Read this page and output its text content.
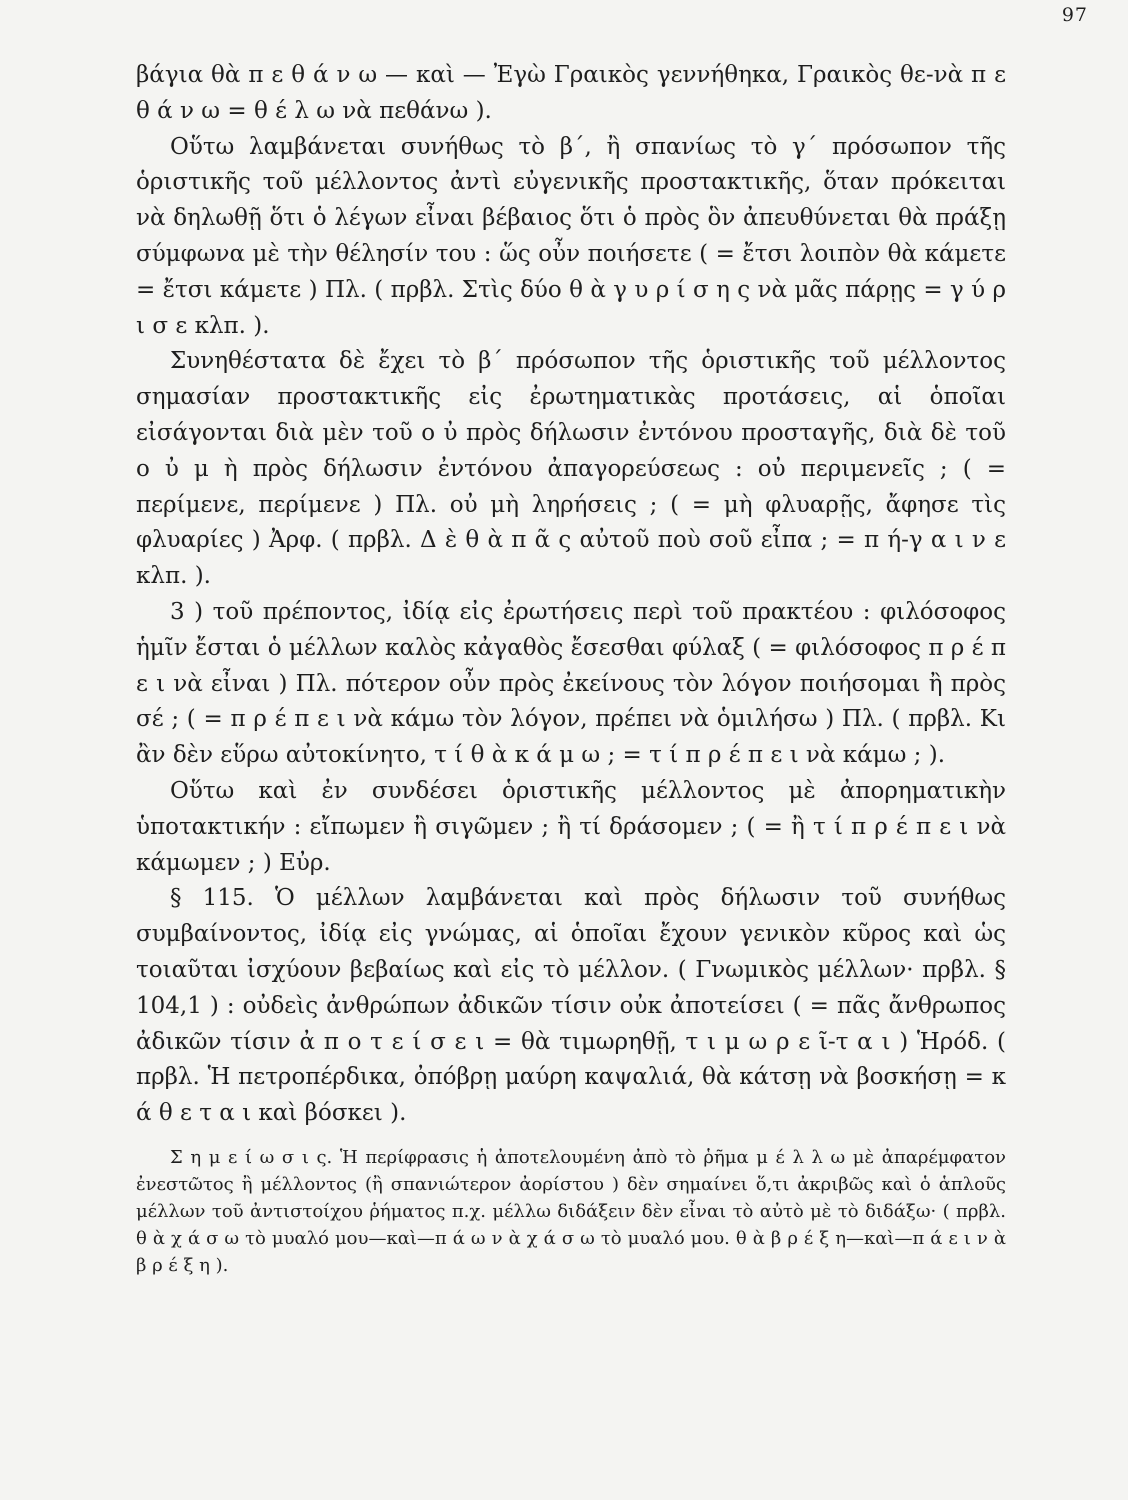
97

βάγια θὰ π ε θ ά ν ω — καὶ — Ἐγὼ Γραικὸς γεννήθηκα, Γραικὸς θε-νὰ π ε θ ά ν ω = θ έ λ ω νὰ πεθάνω ).

Οὕτω λαμβάνεται συνήθως τὸ β΄, ἢ σπανίως τὸ γ΄ πρόσωπον τῆς ὁριστικῆς τοῦ μέλλοντος ἀντὶ εὐγενικῆς προστακτικῆς, ὅταν πρόκειται νὰ δηλωθῇ ὅτι ὁ λέγων εἶναι βέβαιος ὅτι ὁ πρὸς ὃν ἀπευθύνεται θὰ πράξῃ σύμφωνα μὲ τὴν θέλησίν του : ὥς οὖν ποιήσετε ( = ἔτσι λοιπὸν θὰ κάμετε = ἔτσι κάμετε ) Πλ. ( πρβλ. Στὶς δύο θ ὰ γ υ ρ ί σ η ς νὰ μᾶς πάρῃς = γ ύ ρ ι σ ε κλπ. ).

Συνηθέστατα δὲ ἔχει τὸ β΄ πρόσωπον τῆς ὁριστικῆς τοῦ μέλλοντος σημασίαν προστακτικῆς εἰς ἐρωτηματικὰς προτάσεις, αἱ ὁποῖαι εἰσάγονται διὰ μὲν τοῦ ο ὐ πρὸς δήλωσιν ἐντόνου προσταγῆς, διὰ δὲ τοῦ ο ὐ μ ὴ πρὸς δήλωσιν ἐντόνου ἀπαγορεύσεως : οὐ περιμενεῖς ; ( = περίμενε, περίμενε ) Πλ. οὐ μὴ ληρήσεις ; ( = μὴ φλυαρῇς, ἄφησε τὶς φλυαρίες ) Ἀρφ. ( πρβλ. Δ ὲ θ ὰ π ᾶ ς αὐτοῦ ποὺ σοῦ εἶπα ; = π ή-γ α ι ν ε κλπ. ).

3 ) τοῦ πρέποντος, ἰδίᾳ εἰς ἐρωτήσεις περὶ τοῦ πρακτέου : φιλόσοφος ἡμῖν ἔσται ὁ μέλλων καλὸς κἀγαθὸς ἔσεσθαι φύλαξ ( = φιλόσοφος π ρ έ π ε ι νὰ εἶναι ) Πλ. πότερον οὖν πρὸς ἐκείνους τὸν λόγον ποιήσομαι ἢ πρὸς σέ ; ( = π ρ έ π ε ι νὰ κάμω τὸν λόγον, πρέπει νὰ ὁμιλήσω ) Πλ. ( πρβλ. Κι ἂν δὲν εὕρω αὐτοκίνητο, τ ί θ ὰ κ ά μ ω ; = τ ί π ρ έ π ε ι νὰ κάμω ; ).

Οὕτω καὶ ἐν συνδέσει ὁριστικῆς μέλλοντος μὲ ἀπορηματικὴν ὑποτακτικήν : εἴπωμεν ἢ σιγῶμεν ; ἢ τί δράσομεν ; ( = ἢ τ ί π ρ έ π ε ι νὰ κάμωμεν ; ) Εὐρ.

§ 115. Ὁ μέλλων λαμβάνεται καὶ πρὸς δήλωσιν τοῦ συνήθως συμβαίνοντος, ἰδίᾳ εἰς γνώμας, αἱ ὁποῖαι ἔχουν γενικὸν κῦρος καὶ ὡς τοιαῦται ἰσχύουν βεβαίως καὶ εἰς τὸ μέλλον. ( Γνωμικὸς μέλλων· πρβλ. § 104,1 ) : οὐδεὶς ἀνθρώπων ἀδικῶν τίσιν οὐκ ἀποτείσει ( = πᾶς ἄνθρωπος ἀδικῶν τίσιν ἀ π ο τ ε ί σ ε ι = θὰ τιμωρηθῇ, τ ι μ ω ρ ε ῖ-τ α ι ) Ἡρόδ. ( πρβλ. Ἡ πετροπέρδικα, ὀπόβρῃ μαύρη καψαλιά, θὰ κάτσῃ νὰ βοσκήσῃ = κ ά θ ε τ α ι καὶ βόσκει ).

Σ η μ ε ί ω σ ι ς. Ἡ περίφρασις ἡ ἀποτελουμένη ἀπὸ τὸ ῥῆμα μ έ λ λ ω μὲ ἀπαρέμφατον ἐνεστῶτος ἢ μέλλοντος (ἢ σπανιώτερον ἀορίστου ) δὲν σημαίνει ὅ,τι ἀκριβῶς καὶ ὁ ἁπλοῦς μέλλων τοῦ ἀντιστοίχου ῥήματος π.χ. μέλλω διδάξειν δὲν εἶναι τὸ αὐτὸ μὲ τὸ διδάξω· ( πρβλ. θ ὰ χ ά σ ω τὸ μυαλό μου—καὶ—π ά ω ν ὰ χ ά σ ω τὸ μυαλό μου. θ ὰ β ρ έ ξ η—καὶ—π ά ε ι ν ὰ β ρ έ ξ η ).
